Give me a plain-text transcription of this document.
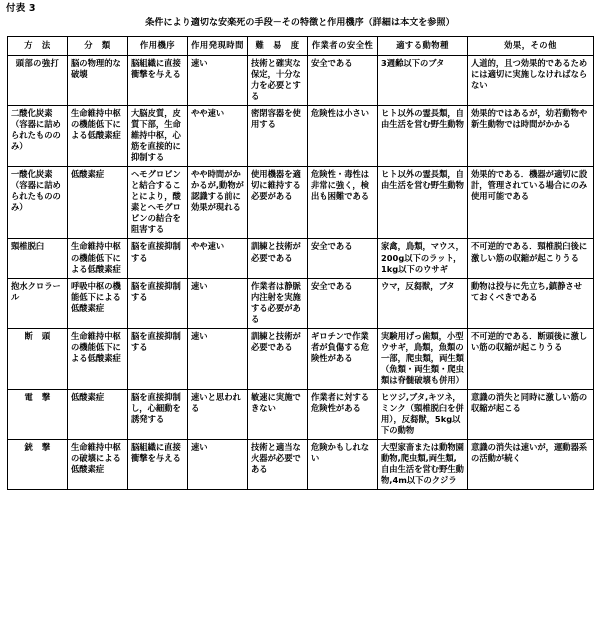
付表 3
条件により適切な安楽死の手段－その特徴と作用機序（詳細は本文を参照）
方　法	分　類	作用機序	作用発現時間	難　易　度	作業者の安全性	適する動物種	効果，その他
頭部の強打	脳の物理的な破壊	脳組織に直接衝撃を与える	速い	技術と確実な保定，十分な力を必要とする	安全である	3週齢以下のブタ	人道的，且つ効果的であるためには適切に実施しなければならない
二酸化炭素（容器に詰められたもののみ）	生命維持中枢の機能低下による低酸素症	大脳皮質，皮質下部，生命維持中枢，心筋を直接的に抑制する	やや速い	密閉容器を使用する	危険性は小さい	ヒト以外の霊長類，自由生活を営む野生動物	効果的ではあるが，幼若動物や新生動物では時間がかかる
一酸化炭素（容器に詰められたもののみ）	低酸素症	ヘモグロビンと結合することにより，酸素とヘモグロビンの結合を阻害する	やや時間がかかるが,動物が認識する前に効果が現れる	使用機器を適切に維持する必要がある	危険性・毒性は非常に強く，検出も困難である	ヒト以外の霊長類，自由生活を営む野生動物	効果的である．機器が適切に設計，管理されている場合にのみ使用可能である
頸椎脱臼	生命維持中枢の機能低下による低酸素症	脳を直接抑制する	やや速い	訓練と技術が必要である	安全である	家禽，鳥類，マウス，200g以下のラット，1kg以下のウサギ	不可逆的である．頸椎脱臼後に激しい筋の収縮が起こりうる
抱水クロラール	呼吸中枢の機能低下による低酸素症	脳を直接抑制する	速い	作業者は静脈内注射を実施する必要がある	安全である	ウマ，反芻獣，ブタ	動物は投与に先立ち,鎮静させておくべきである
断　頭	生命維持中枢の機能低下による低酸素症	脳を直接抑制する	速い	訓練と技術が必要である	ギロチンで作業者が負傷する危険性がある	実験用げっ歯類，小型ウサギ，鳥類，魚類の一部，爬虫類，両生類（魚類・両生類・爬虫類は脊髄破壊も併用）	不可逆的である．断頭後に激しい筋の収縮が起こりうる
電　撃	低酸素症	脳を直接抑制し，心細動を誘発する	速いと思われる	敏速に実施できない	作業者に対する危険性がある	ヒツジ,ブタ,キツネ，ミンク（頸椎脱臼を併用），反芻獣，5kg以下の動物	意識の消失と同時に激しい筋の収縮が起こる
銃　撃	生命維持中枢の破壊による低酸素症	脳組織に直接衝撃を与える	速い	技術と適当な火器が必要である	危険かもしれない	大型家畜または動物園動物,爬虫類,両生類,自由生活を営む野生動物,4m以下のクジラ	意識の消失は速いが，運動器系の活動が続く
